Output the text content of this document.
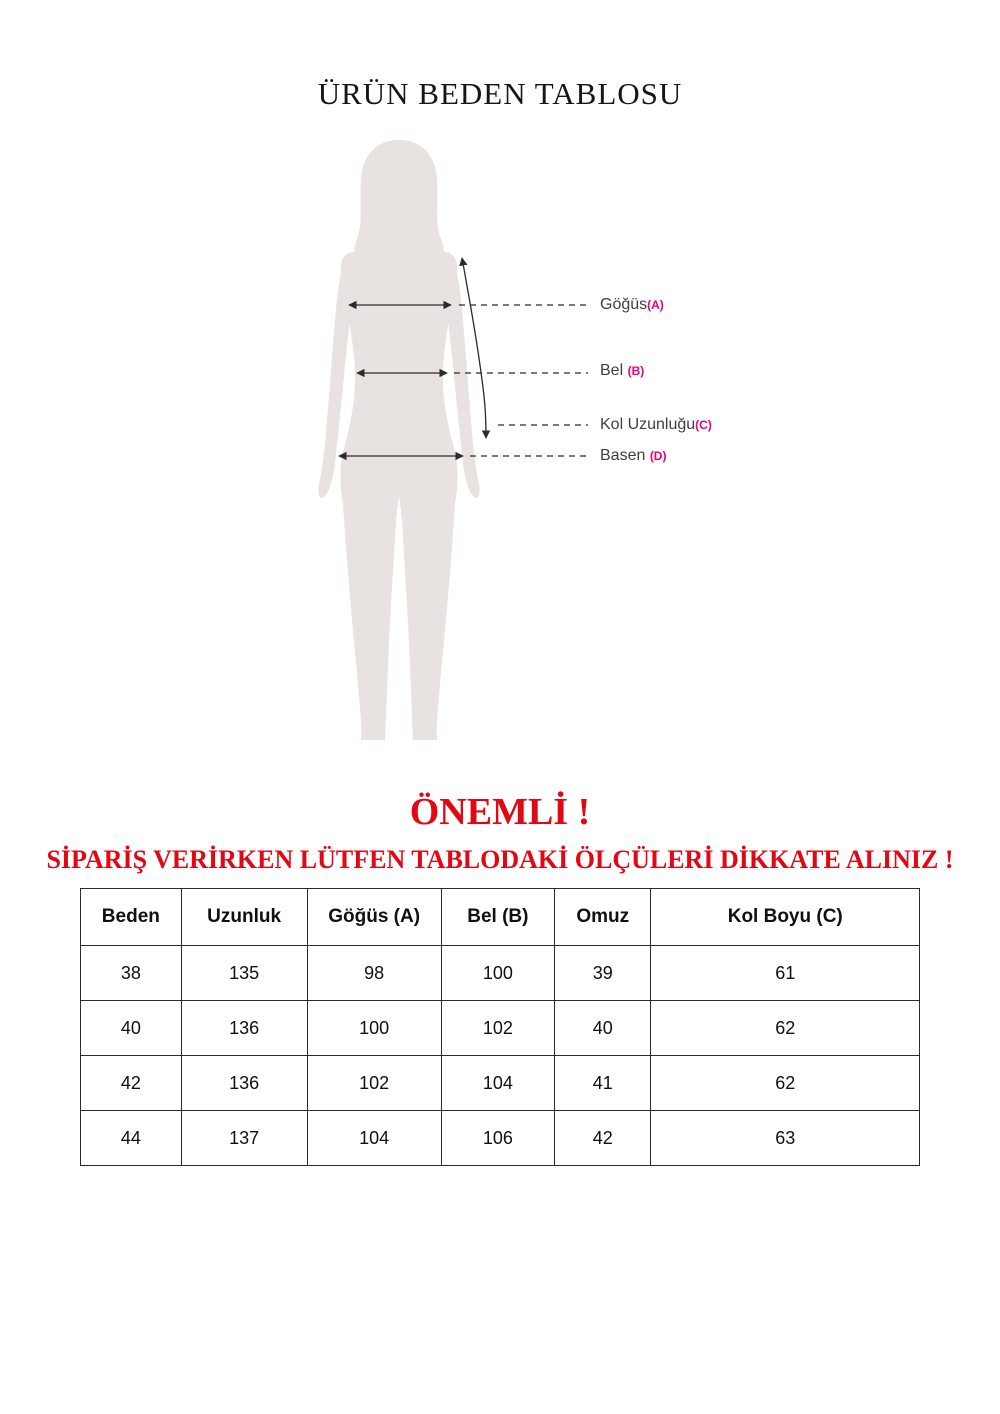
ÜRÜN BEDEN TABLOSU
Göğüs(A)
Bel (B)
Kol Uzunluğu(C)
Basen (D)
ÖNEMLİ !
SİPARİŞ VERİRKEN LÜTFEN TABLODAKİ ÖLÇÜLERİ DİKKATE ALINIZ !
Beden	Uzunluk	Göğüs (A)	Bel (B)	Omuz	Kol Boyu (C)
38	135	98	100	39	61
40	136	100	102	40	62
42	136	102	104	41	62
44	137	104	106	42	63
